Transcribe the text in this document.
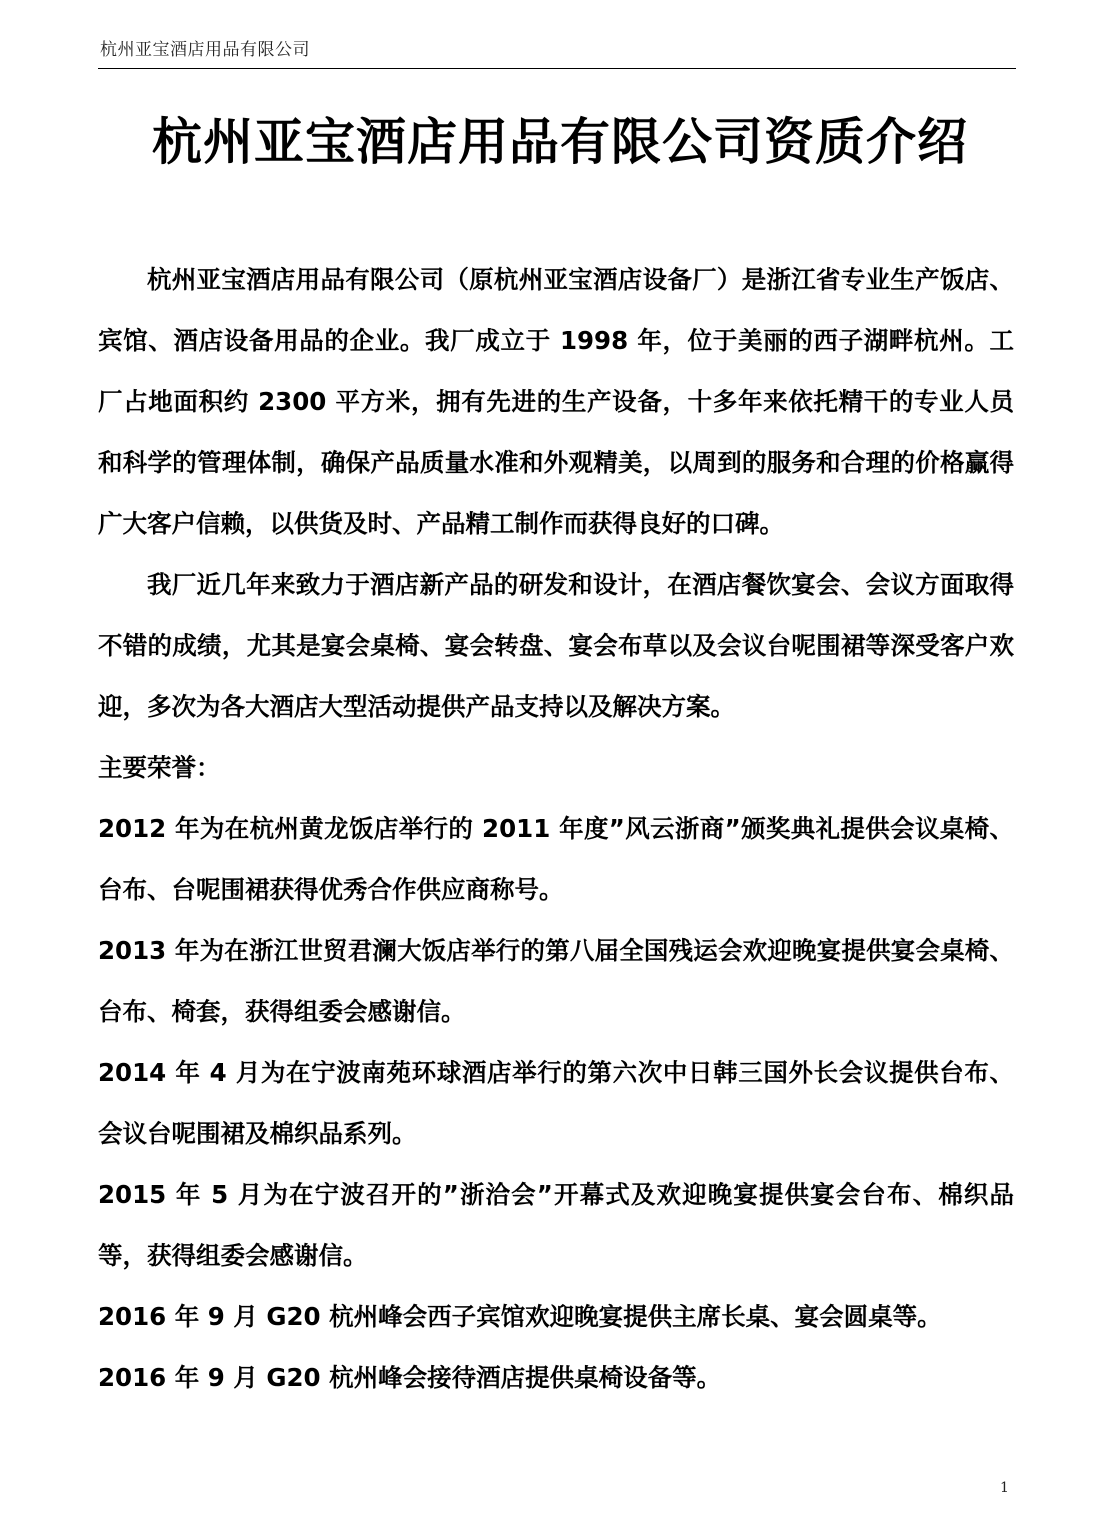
杭州亚宝酒店用品有限公司
杭州亚宝酒店用品有限公司资质介绍

杭州亚宝酒店用品有限公司（原杭州亚宝酒店设备厂）是浙江省专业生产饭店、宾馆、酒店设备用品的企业。我厂成立于 1998 年，位于美丽的西子湖畔杭州。工厂占地面积约 2300 平方米，拥有先进的生产设备，十多年来依托精干的专业人员和科学的管理体制，确保产品质量水准和外观精美，以周到的服务和合理的价格赢得广大客户信赖，以供货及时、产品精工制作而获得良好的口碑。

我厂近几年来致力于酒店新产品的研发和设计，在酒店餐饮宴会、会议方面取得不错的成绩，尤其是宴会桌椅、宴会转盘、宴会布草以及会议台呢围裙等深受客户欢迎，多次为各大酒店大型活动提供产品支持以及解决方案。

主要荣誉：

2012 年为在杭州黄龙饭店举行的 2011 年度”风云浙商”颁奖典礼提供会议桌椅、台布、台呢围裙获得优秀合作供应商称号。

2013 年为在浙江世贸君澜大饭店举行的第八届全国残运会欢迎晚宴提供宴会桌椅、台布、椅套，获得组委会感谢信。

2014 年 4 月为在宁波南苑环球酒店举行的第六次中日韩三国外长会议提供台布、会议台呢围裙及棉织品系列。

2015 年 5 月为在宁波召开的”浙洽会”开幕式及欢迎晚宴提供宴会台布、棉织品等，获得组委会感谢信。

2016 年 9 月 G20 杭州峰会西子宾馆欢迎晚宴提供主席长桌、宴会圆桌等。

2016 年 9 月 G20 杭州峰会接待酒店提供桌椅设备等。

1
